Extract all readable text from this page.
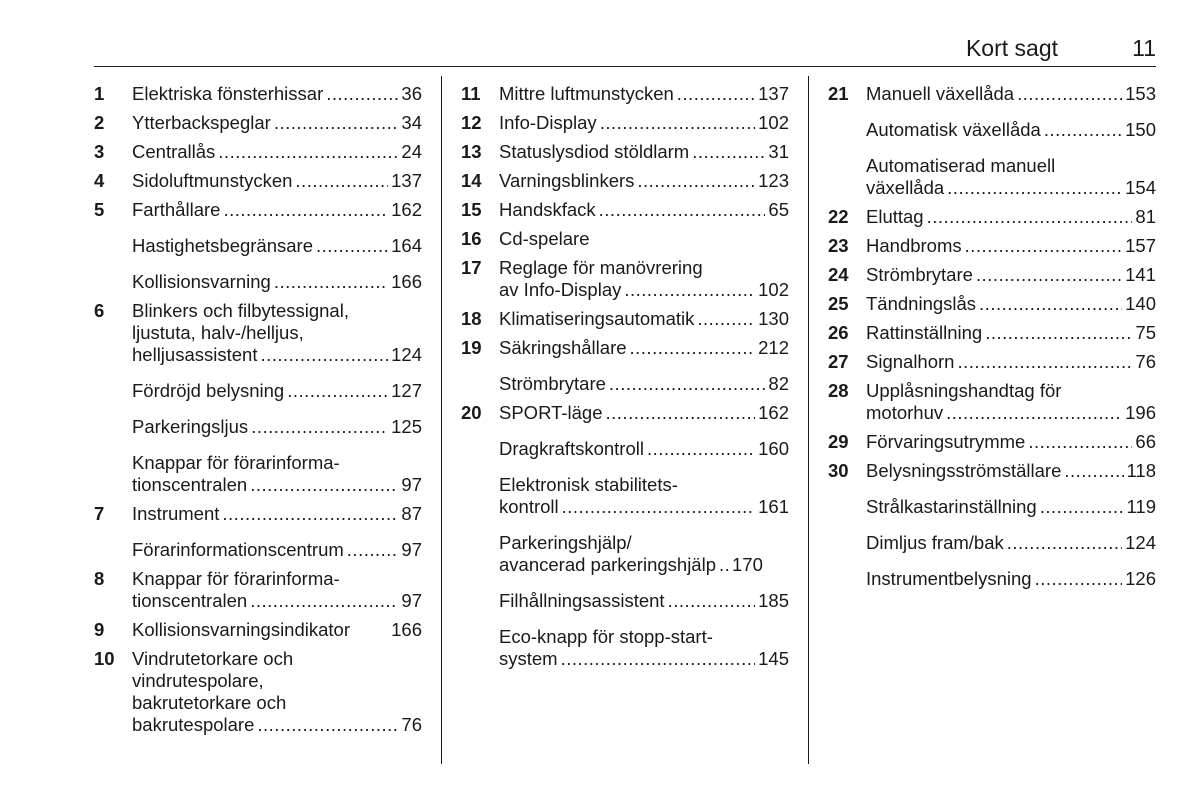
Kort sagt	11
1	Elektriska fönsterhissar .....	36
2	Ytterbackspeglar .....	34
3	Centrallås .....	24
4	Sidoluftmunstycken .....	137
5	Farthållare .....	162
Hastighetsbegränsare .....	164
Kollisionsvarning .....	166
6	Blinkers och filbytessignal,
ljustuta, halv-/helljus,
helljusassistent .....	124
Fördröjd belysning .....	127
Parkeringsljus .....	125
Knappar för förarinforma-
tionscentralen .....	97
7	Instrument .....	87
Förarinformationscentrum .....	97
8	Knappar för förarinforma-
tionscentralen .....	97
9	Kollisionsvarningsindikator 166
10 Vindrutetorkare och
vindrutespolare,
bakrutetorkare och
bakrutespolare .....	76
11 Mittre luftmunstycken .....	137
12 Info-Display .....	102
13 Statuslysdiod stöldlarm .....	31
14 Varningsblinkers .....	123
15 Handskfack .....	65
16 Cd-spelare
17 Reglage för manövrering
av Info-Display .....	102
18 Klimatiseringsautomatik .....	130
19 Säkringshållare .....	212
Strömbrytare .....	82
20 SPORT-läge .....	162
Dragkraftskontroll .....	160
Elektronisk stabilitets-
kontroll .....	161
Parkeringshjälp/
avancerad parkeringshjälp ..... 170
Filhållningsassistent .....	185
Eco-knapp för stopp-start-
system .....	145
21 Manuell växellåda .....	153
Automatisk växellåda .....	150
Automatiserad manuell
växellåda .....	154
22 Eluttag .....	81
23 Handbroms .....	157
24 Strömbrytare .....	141
25 Tändningslås .....	140
26 Rattinställning .....	75
27 Signalhorn .....	76
28 Upplåsningshandtag för
motorhuv .....	196
29 Förvaringsutrymme .....	66
30 Belysningsströmställare .....	118
Strålkastarinställning .....	119
Dimljus fram/bak .....	124
Instrumentbelysning .....	126
